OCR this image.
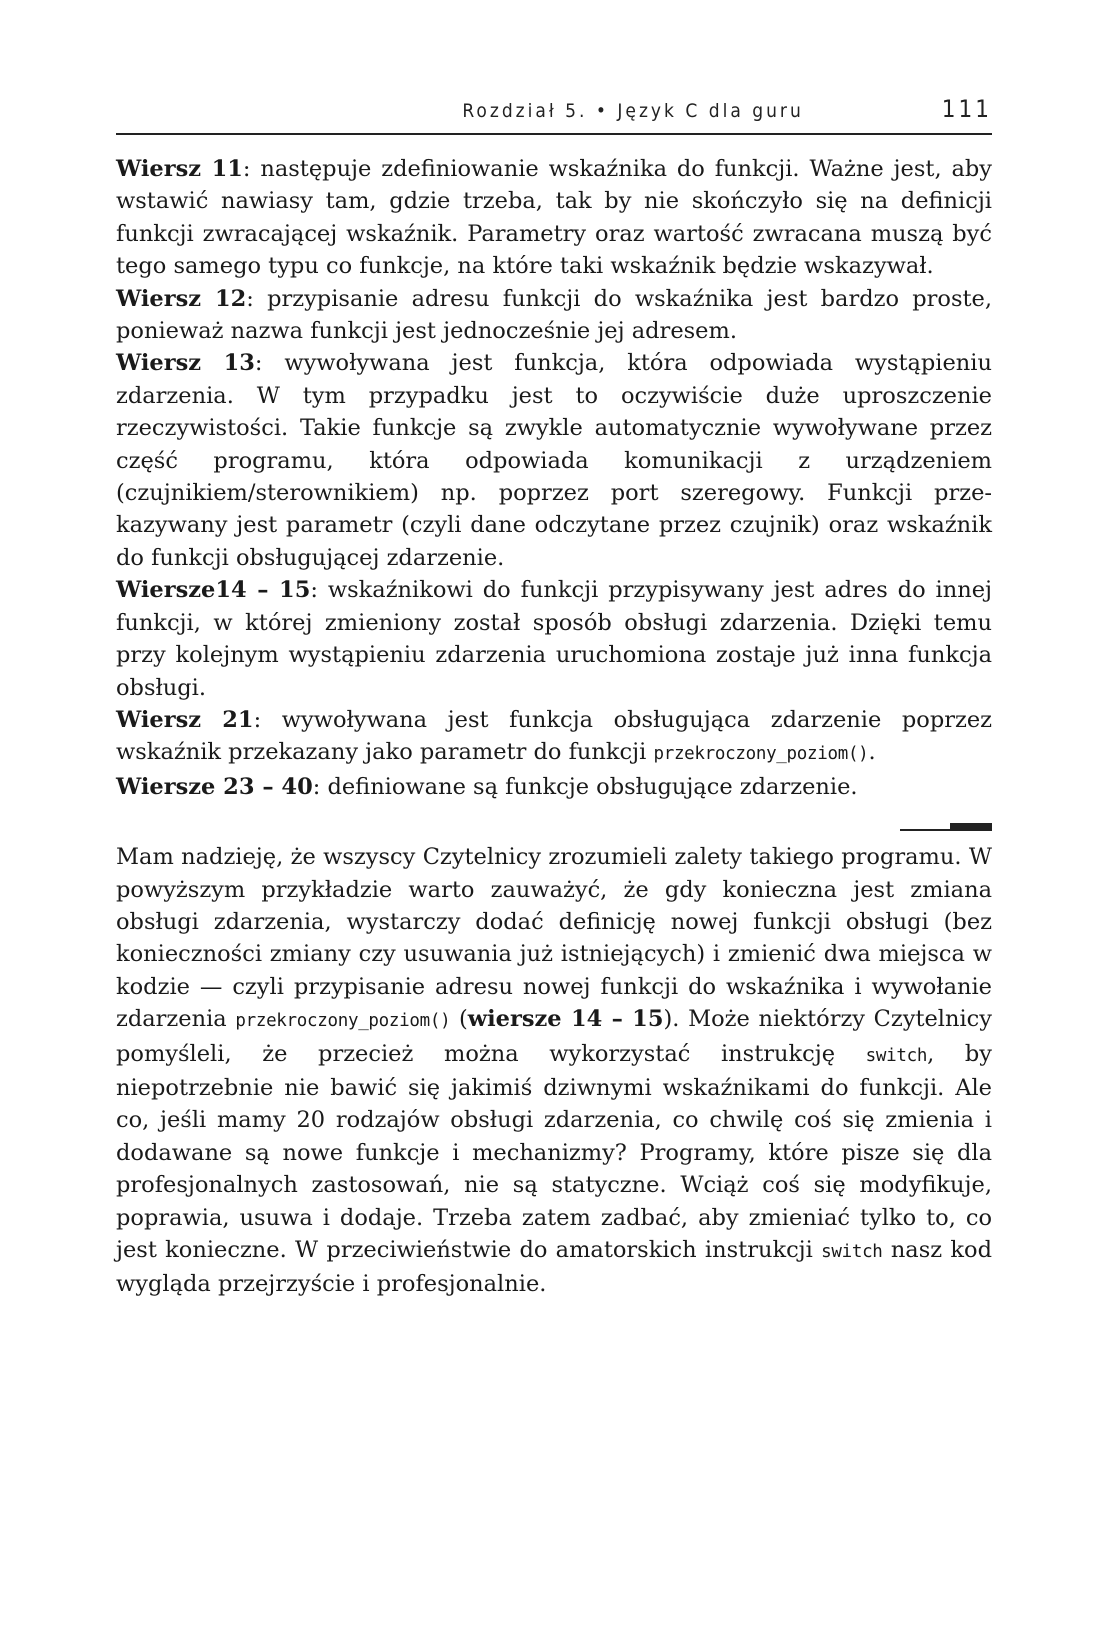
Rozdział 5. • Język C dla guru	111

Wiersz 11: następuje zdefiniowanie wskaźnika do funkcji. Ważne jest, aby wstawić nawiasy tam, gdzie trzeba, tak by nie skończyło się na definicji funkcji zwracającej wskaźnik. Parametry oraz wartość zwracana muszą być tego samego typu co funkcje, na które taki wskaźnik będzie wskazywał.

Wiersz 12: przypisanie adresu funkcji do wskaźnika jest bardzo proste, ponieważ nazwa funkcji jest jednocześnie jej adresem.

Wiersz 13: wywoływana jest funkcja, która odpowiada wystąpieniu zdarzenia. W tym przypadku jest to oczywiście duże uproszczenie rzeczywistości. Takie funkcje są zwykle automatycznie wywoływane przez część programu, która odpowiada komunikacji z urządzeniem (czujnikiem/sterownikiem) np. poprzez port szeregowy. Funkcji przekazywany jest parametr (czyli dane odczytane przez czujnik) oraz wskaźnik do funkcji obsługującej zdarzenie.

Wiersze14 – 15: wskaźnikowi do funkcji przypisywany jest adres do innej funkcji, w której zmieniony został sposób obsługi zdarzenia. Dzięki temu przy kolejnym wystąpieniu zdarzenia uruchomiona zostaje już inna funkcja obsługi.

Wiersz 21: wywoływana jest funkcja obsługująca zdarzenie poprzez wskaźnik przekazany jako parametr do funkcji przekroczony_poziom().

Wiersze 23 – 40: definiowane są funkcje obsługujące zdarzenie.

Mam nadzieję, że wszyscy Czytelnicy zrozumieli zalety takiego programu. W powyższym przykładzie warto zauważyć, że gdy konieczna jest zmiana obsługi zdarzenia, wystarczy dodać definicję nowej funkcji obsługi (bez konieczności zmiany czy usuwania już istniejących) i zmienić dwa miejsca w kodzie — czyli przypisanie adresu nowej funkcji do wskaźnika i wywołanie zdarzenia przekroczony_poziom() (wiersze 14 – 15). Może niektórzy Czytelnicy pomyśleli, że przecież można wykorzystać instrukcję switch, by niepotrzebnie nie bawić się jakimiś dziwnymi wskaźnikami do funkcji. Ale co, jeśli mamy 20 rodzajów obsługi zdarzenia, co chwilę coś się zmienia i dodawane są nowe funkcje i mechanizmy? Programy, które pisze się dla profesjonalnych zastosowań, nie są statyczne. Wciąż coś się modyfikuje, poprawia, usuwa i dodaje. Trzeba zatem zadbać, aby zmieniać tylko to, co jest konieczne. W przeciwieństwie do amatorskich instrukcji switch nasz kod wygląda przejrzyście i profesjonalnie.
